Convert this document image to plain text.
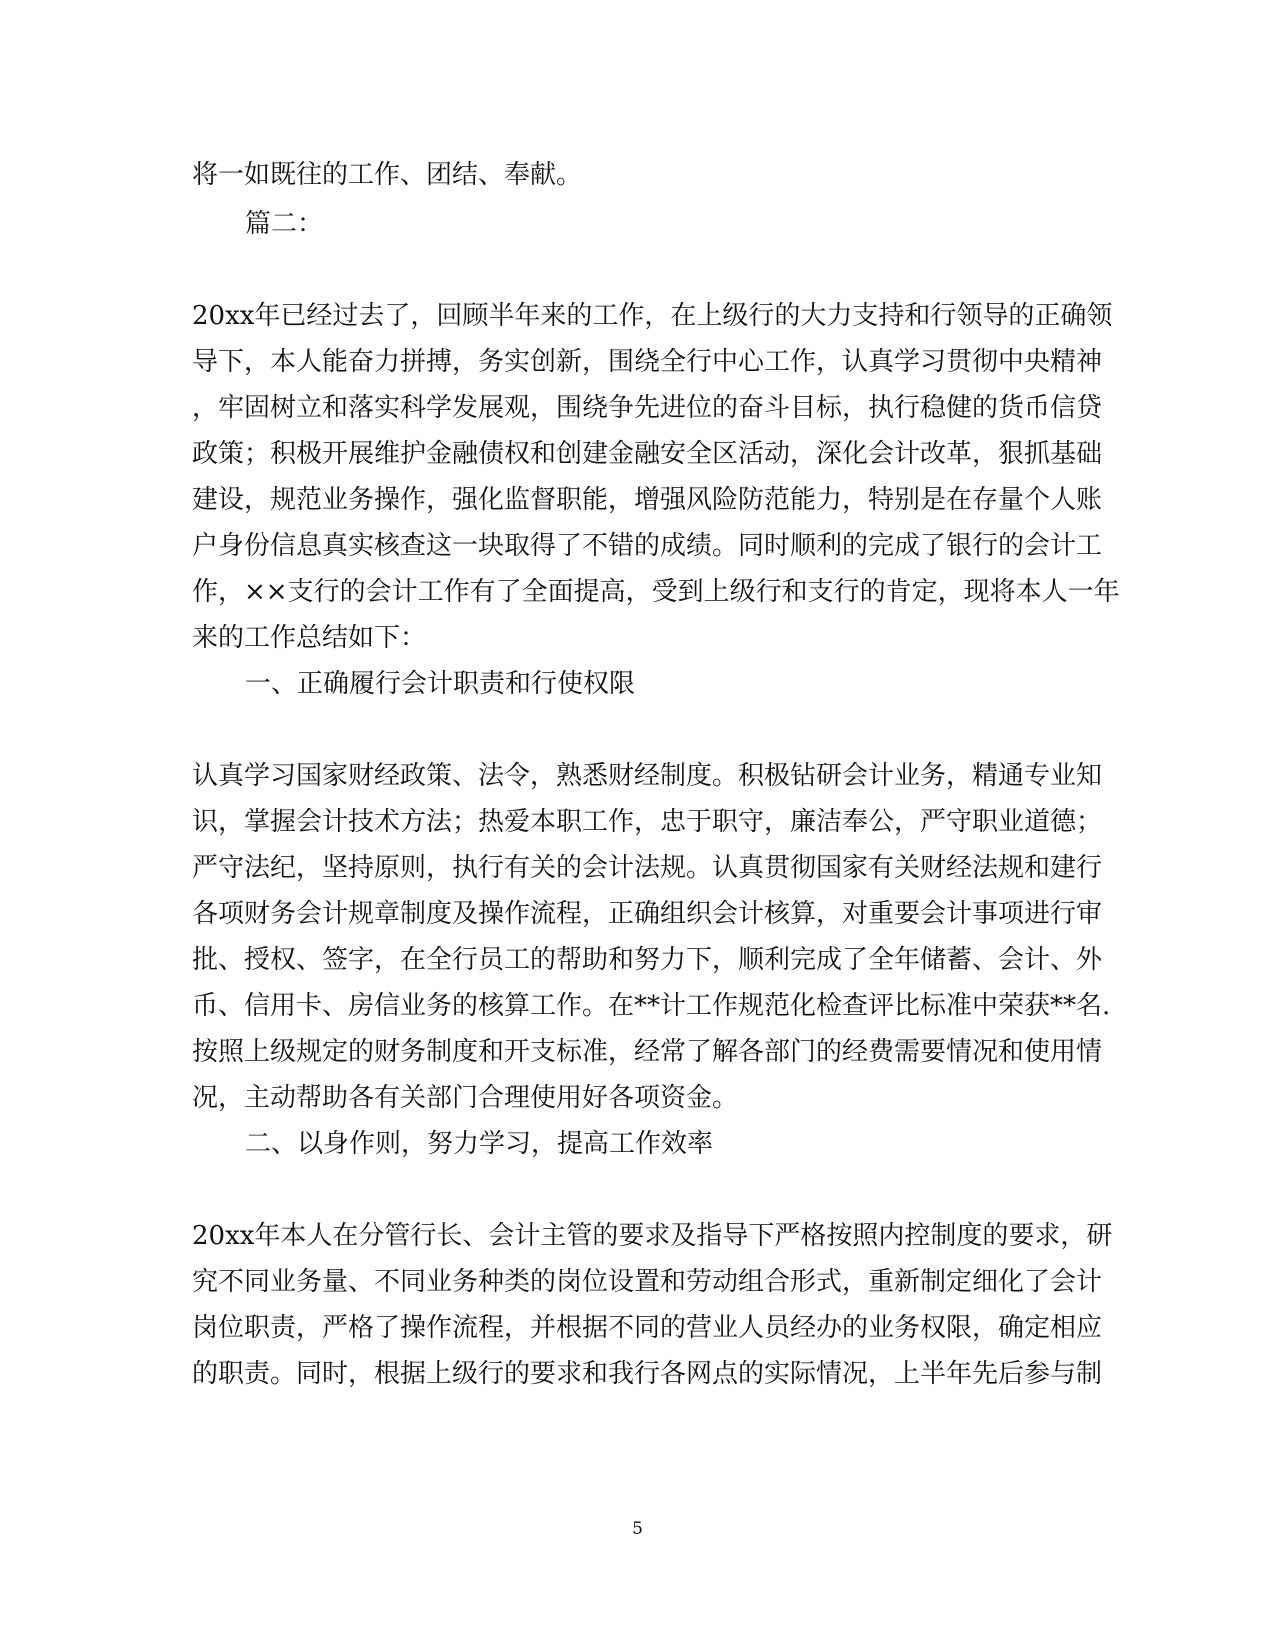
将一如既往的工作、团结、奉献。
篇二：
20xx年已经过去了，回顾半年来的工作，在上级行的大力支持和行领导的正确领
导下，本人能奋力拼搏，务实创新，围绕全行中心工作，认真学习贯彻中央精神
，牢固树立和落实科学发展观，围绕争先进位的奋斗目标，执行稳健的货币信贷
政策；积极开展维护金融债权和创建金融安全区活动，深化会计改革，狠抓基础
建设，规范业务操作，强化监督职能，增强风险防范能力，特别是在存量个人账
户身份信息真实核查这一块取得了不错的成绩。同时顺利的完成了银行的会计工
作，××支行的会计工作有了全面提高，受到上级行和支行的肯定，现将本人一年
来的工作总结如下：
一、正确履行会计职责和行使权限
认真学习国家财经政策、法令，熟悉财经制度。积极钻研会计业务，精通专业知
识，掌握会计技术方法；热爱本职工作，忠于职守，廉洁奉公，严守职业道德；
严守法纪，坚持原则，执行有关的会计法规。认真贯彻国家有关财经法规和建行
各项财务会计规章制度及操作流程，正确组织会计核算，对重要会计事项进行审
批、授权、签字，在全行员工的帮助和努力下，顺利完成了全年储蓄、会计、外
币、信用卡、房信业务的核算工作。在**计工作规范化检查评比标准中荣获**名.
按照上级规定的财务制度和开支标准，经常了解各部门的经费需要情况和使用情
况，主动帮助各有关部门合理使用好各项资金。
二、以身作则，努力学习，提高工作效率
20xx年本人在分管行长、会计主管的要求及指导下严格按照内控制度的要求，研
究不同业务量、不同业务种类的岗位设置和劳动组合形式，重新制定细化了会计
岗位职责，严格了操作流程，并根据不同的营业人员经办的业务权限，确定相应
的职责。同时，根据上级行的要求和我行各网点的实际情况，上半年先后参与制
5
